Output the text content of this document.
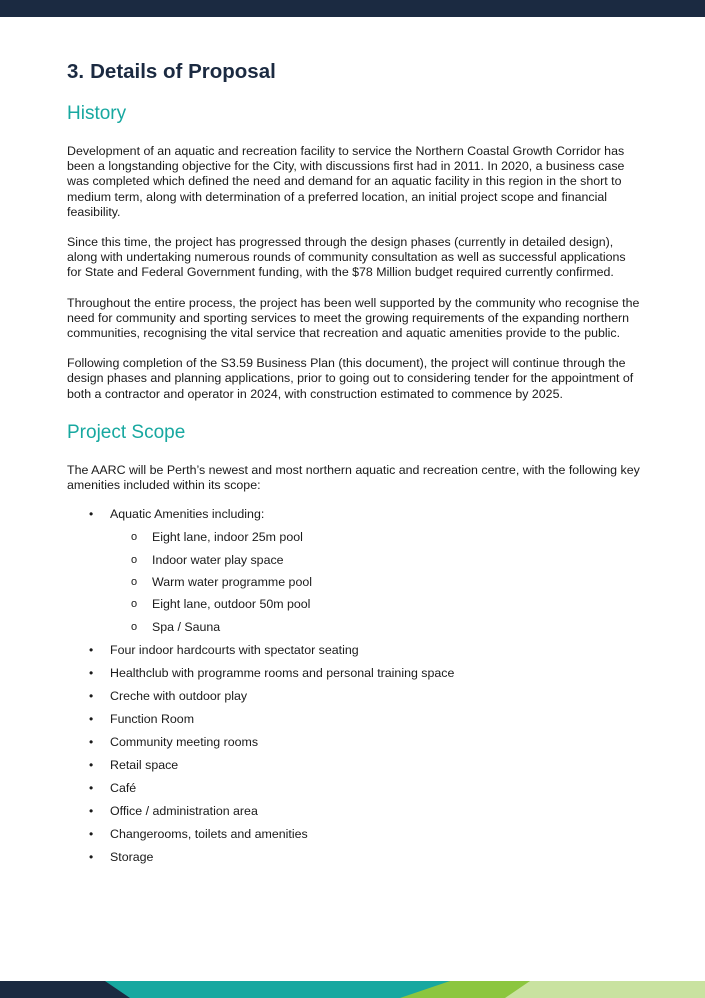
3. Details of Proposal
History

Development of an aquatic and recreation facility to service the Northern Coastal Growth Corridor has been a longstanding objective for the City, with discussions first had in 2011. In 2020, a business case was completed which defined the need and demand for an aquatic facility in this region in the short to medium term, along with determination of a preferred location, an initial project scope and financial feasibility.

Since this time, the project has progressed through the design phases (currently in detailed design), along with undertaking numerous rounds of community consultation as well as successful applications for State and Federal Government funding, with the $78 Million budget required currently confirmed.

Throughout the entire process, the project has been well supported by the community who recognise the need for community and sporting services to meet the growing requirements of the expanding northern communities, recognising the vital service that recreation and aquatic amenities provide to the public.

Following completion of the S3.59 Business Plan (this document), the project will continue through the design phases and planning applications, prior to going out to considering tender for the appointment of both a contractor and operator in 2024, with construction estimated to commence by 2025.

Project Scope

The AARC will be Perth’s newest and most northern aquatic and recreation centre, with the following key amenities included within its scope:

• Aquatic Amenities including:
o Eight lane, indoor 25m pool
o Indoor water play space
o Warm water programme pool
o Eight lane, outdoor 50m pool
o Spa / Sauna
• Four indoor hardcourts with spectator seating
• Healthclub with programme rooms and personal training space
• Creche with outdoor play
• Function Room
• Community meeting rooms
• Retail space
• Café
• Office / administration area
• Changerooms, toilets and amenities
• Storage
